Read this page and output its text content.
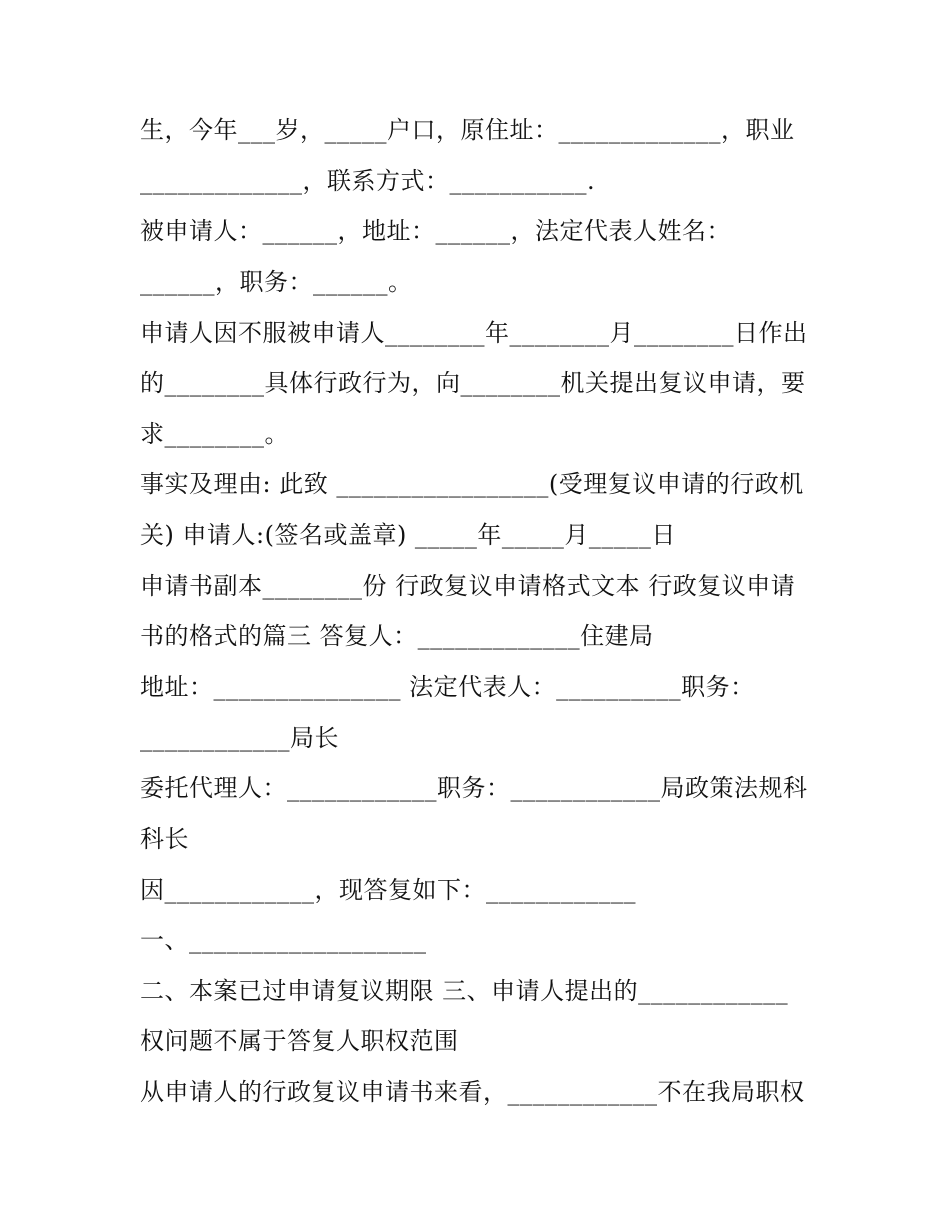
生，今年___岁，_____户口，原住址：_____________，职业
_____________，联系方式：___________.
被申请人：______，地址：______，法定代表人姓名：
______，职务：______。
申请人因不服被申请人________年________月________日作出
的________具体行政行为，向________机关提出复议申请，要
求________。
事实及理由: 此致 _________________(受理复议申请的行政机
关) 申请人:(签名或盖章) _____年_____月_____日
申请书副本________份 行政复议申请格式文本 行政复议申请
书的格式的篇三 答复人：_____________住建局
地址：_______________ 法定代表人：__________职务：
____________局长
委托代理人：____________职务：____________局政策法规科
科长
因____________，现答复如下：____________
一、___________________
二、本案已过申请复议期限 三、申请人提出的____________
权问题不属于答复人职权范围
从申请人的行政复议申请书来看，____________不在我局职权
